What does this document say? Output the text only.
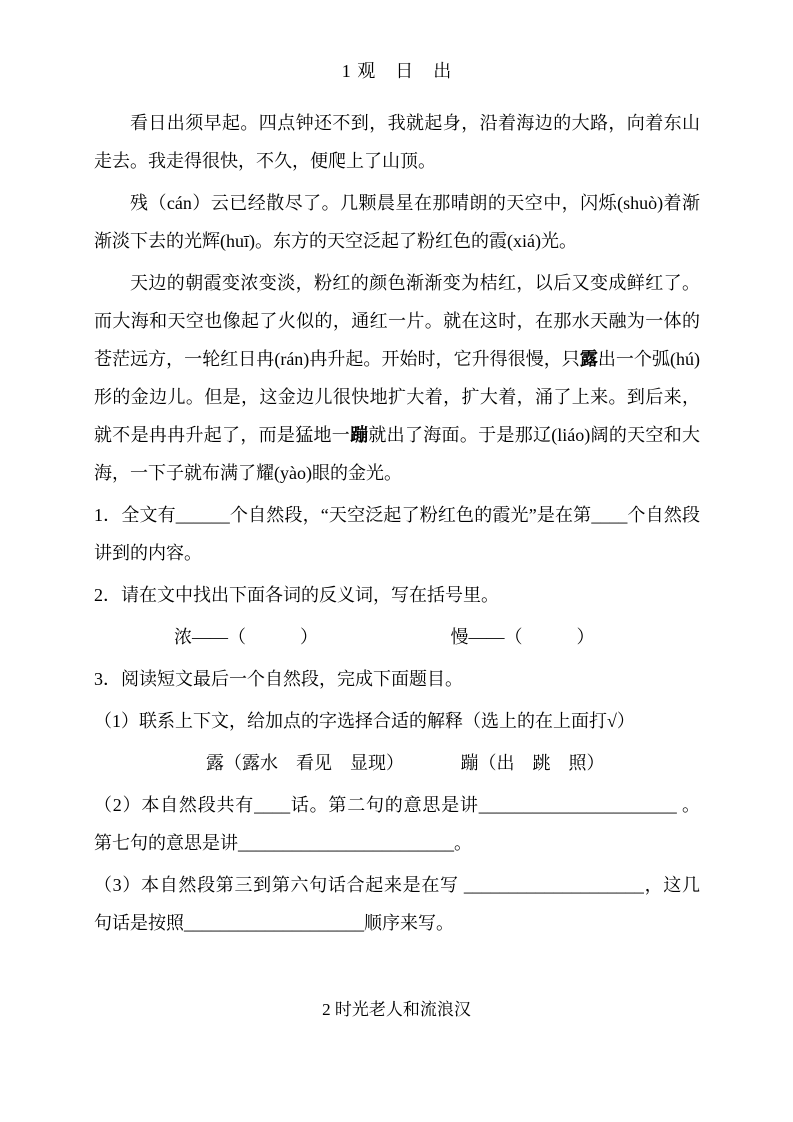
1 观　日　出

看日出须早起。四点钟还不到，我就起身，沿着海边的大路，向着东山走去。我走得很快，不久，便爬上了山顶。

残（cán）云已经散尽了。几颗晨星在那晴朗的天空中，闪烁(shuò)着渐渐淡下去的光辉(huī)。东方的天空泛起了粉红色的霞(xiá)光。

天边的朝霞变浓变淡，粉红的颜色渐渐变为桔红，以后又变成鲜红了。而大海和天空也像起了火似的，通红一片。就在这时，在那水天融为一体的苍茫远方，一轮红日冉(rán)冉升起。开始时，它升得很慢，只露出一个弧(hú)形的金边儿。但是，这金边儿很快地扩大着，扩大着，涌了上来。到后来，就不是冉冉升起了，而是猛地一蹦就出了海面。于是那辽(liáo)阔的天空和大海，一下子就布满了耀(yào)眼的金光。

1．全文有______个自然段，“天空泛起了粉红色的霞光”是在第____个自然段讲到的内容。

2．请在文中找出下面各词的反义词，写在括号里。

浓——（　　　）	慢——（　　　）

3．阅读短文最后一个自然段，完成下面题目。

（1）联系上下文，给加点的字选择合适的解释（选上的在上面打√）

露（露水　看见　显现）	蹦（出　跳　照）

（2）本自然段共有____话。第二句的意思是讲______________________ 。第七句的意思是讲________________________。

（3）本自然段第三到第六句话合起来是在写 ____________________，这几句话是按照____________________顺序来写。

2 时光老人和流浪汉
